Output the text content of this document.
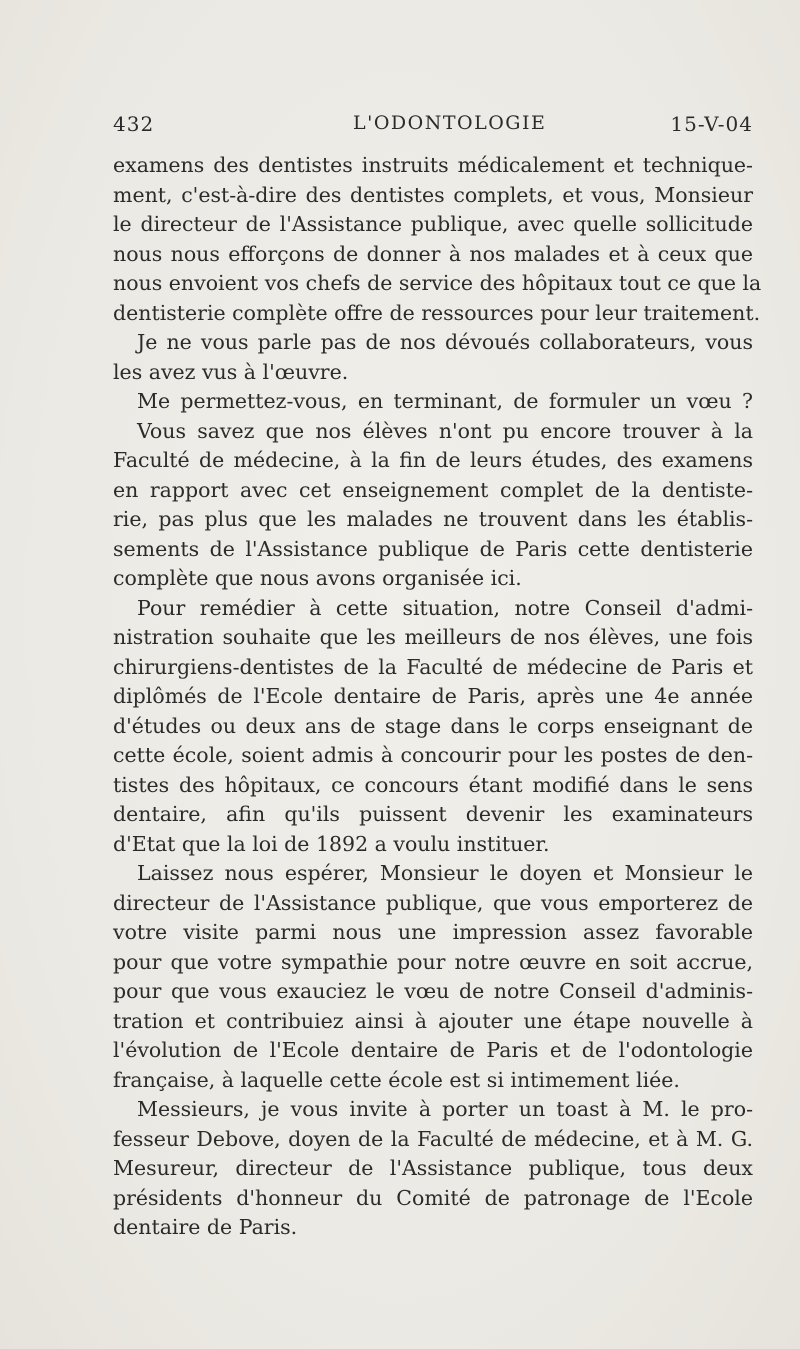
432	L'ODONTOLOGIE	15-V-04
examens des dentistes instruits médicalement et technique-
ment, c'est-à-dire des dentistes complets, et vous, Monsieur
le directeur de l'Assistance publique, avec quelle sollicitude
nous nous efforçons de donner à nos malades et à ceux que
nous envoient vos chefs de service des hôpitaux tout ce que la
dentisterie complète offre de ressources pour leur traitement.
Je ne vous parle pas de nos dévoués collaborateurs, vous
les avez vus à l'œuvre.
Me permettez-vous, en terminant, de formuler un vœu ?
Vous savez que nos élèves n'ont pu encore trouver à la
Faculté de médecine, à la fin de leurs études, des examens
en rapport avec cet enseignement complet de la dentiste-
rie, pas plus que les malades ne trouvent dans les établis-
sements de l'Assistance publique de Paris cette dentisterie
complète que nous avons organisée ici.
Pour remédier à cette situation, notre Conseil d'admi-
nistration souhaite que les meilleurs de nos élèves, une fois
chirurgiens-dentistes de la Faculté de médecine de Paris et
diplômés de l'Ecole dentaire de Paris, après une 4e année
d'études ou deux ans de stage dans le corps enseignant de
cette école, soient admis à concourir pour les postes de den-
tistes des hôpitaux, ce concours étant modifié dans le sens
dentaire, afin qu'ils puissent devenir les examinateurs
d'Etat que la loi de 1892 a voulu instituer.
Laissez nous espérer, Monsieur le doyen et Monsieur le
directeur de l'Assistance publique, que vous emporterez de
votre visite parmi nous une impression assez favorable
pour que votre sympathie pour notre œuvre en soit accrue,
pour que vous exauciez le vœu de notre Conseil d'adminis-
tration et contribuiez ainsi à ajouter une étape nouvelle à
l'évolution de l'Ecole dentaire de Paris et de l'odontologie
française, à laquelle cette école est si intimement liée.
Messieurs, je vous invite à porter un toast à M. le pro-
fesseur Debove, doyen de la Faculté de médecine, et à M. G.
Mesureur, directeur de l'Assistance publique, tous deux
présidents d'honneur du Comité de patronage de l'Ecole
dentaire de Paris.
